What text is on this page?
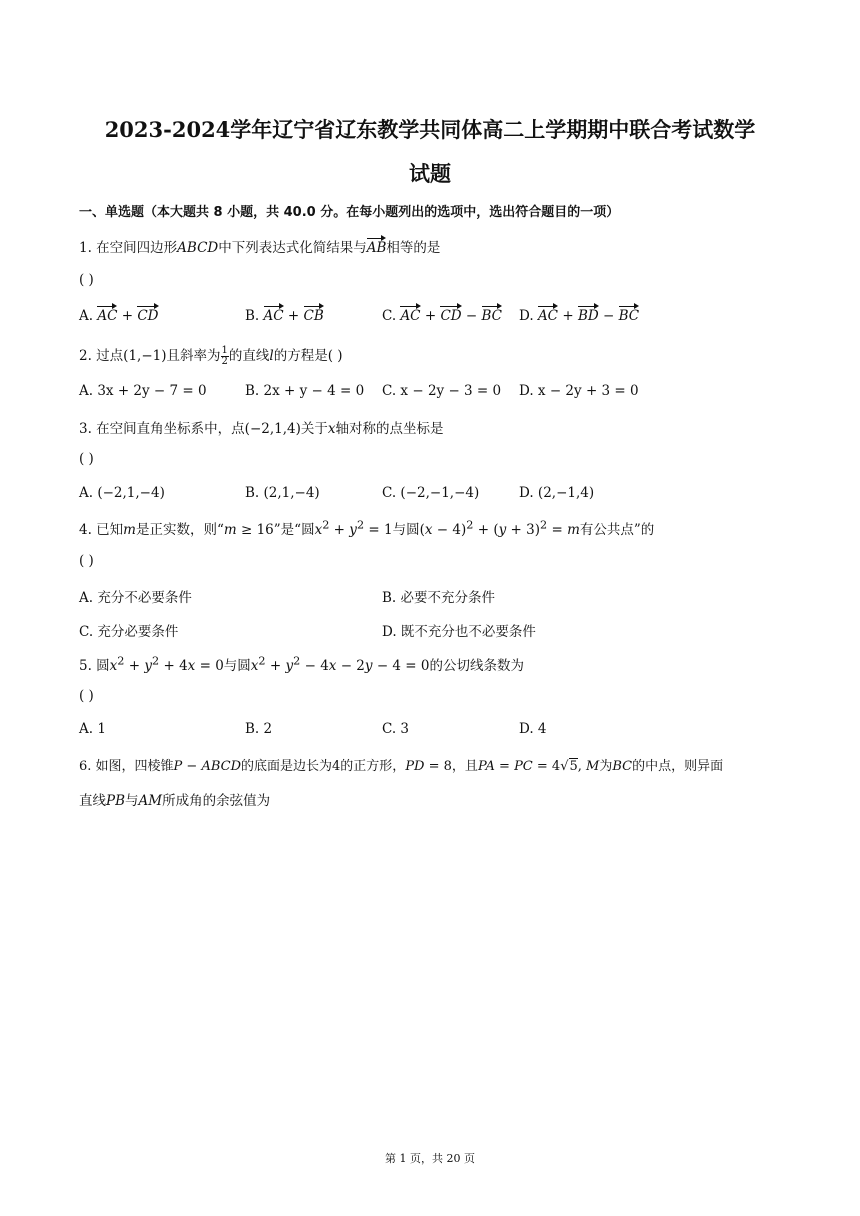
2023-2024学年辽宁省辽东教学共同体高二上学期期中联合考试数学
试题
一、单选题（本大题共 8 小题，共 40.0 分。在每小题列出的选项中，选出符合题目的一项）
1. 在空间四边形ABCD中下列表达式化简结果与AB相等的是
( )
A. AC + CD	B. AC + CB	C. AC + CD − BC D. AC + BD − BC
2. 过点(1,−1)且斜率为 $\frac{1}{2}$ 的直线l的方程是( )
A. 3x + 2y − 7 = 0	B. 2x + y − 4 = 0 C. x − 2y − 3 = 0 D. x − 2y + 3 = 0
3. 在空间直角坐标系中，点(−2,1,4)关于x轴对称的点坐标是
( )
A. (−2,1,−4)	B. (2,1,−4)	C. (−2,−1,−4)	D. (2,−1,4)
4. 已知m是正实数，则“m ≥ 16”是“圆$x^2 + y^2 = 1$与圆$(x - 4)^2 + (y + 3)^2 = m$有公共点”的
( )
A. 充分不必要条件	B. 必要不充分条件
C. 充分必要条件	D. 既不充分也不必要条件
5. 圆$x^2 + y^2 + 4x = 0$与圆$x^2 + y^2 - 4x - 2y - 4 = 0$的公切线条数为
( )
A. 1	B. 2	C. 3	D. 4
6. 如图，四棱锥P − ABCD的底面是边长为4的正方形，PD = 8，且PA = PC = 4√5, M为BC的中点，则异面
直线PB与AM所成角的余弦值为
第 1 页，共 20 页
